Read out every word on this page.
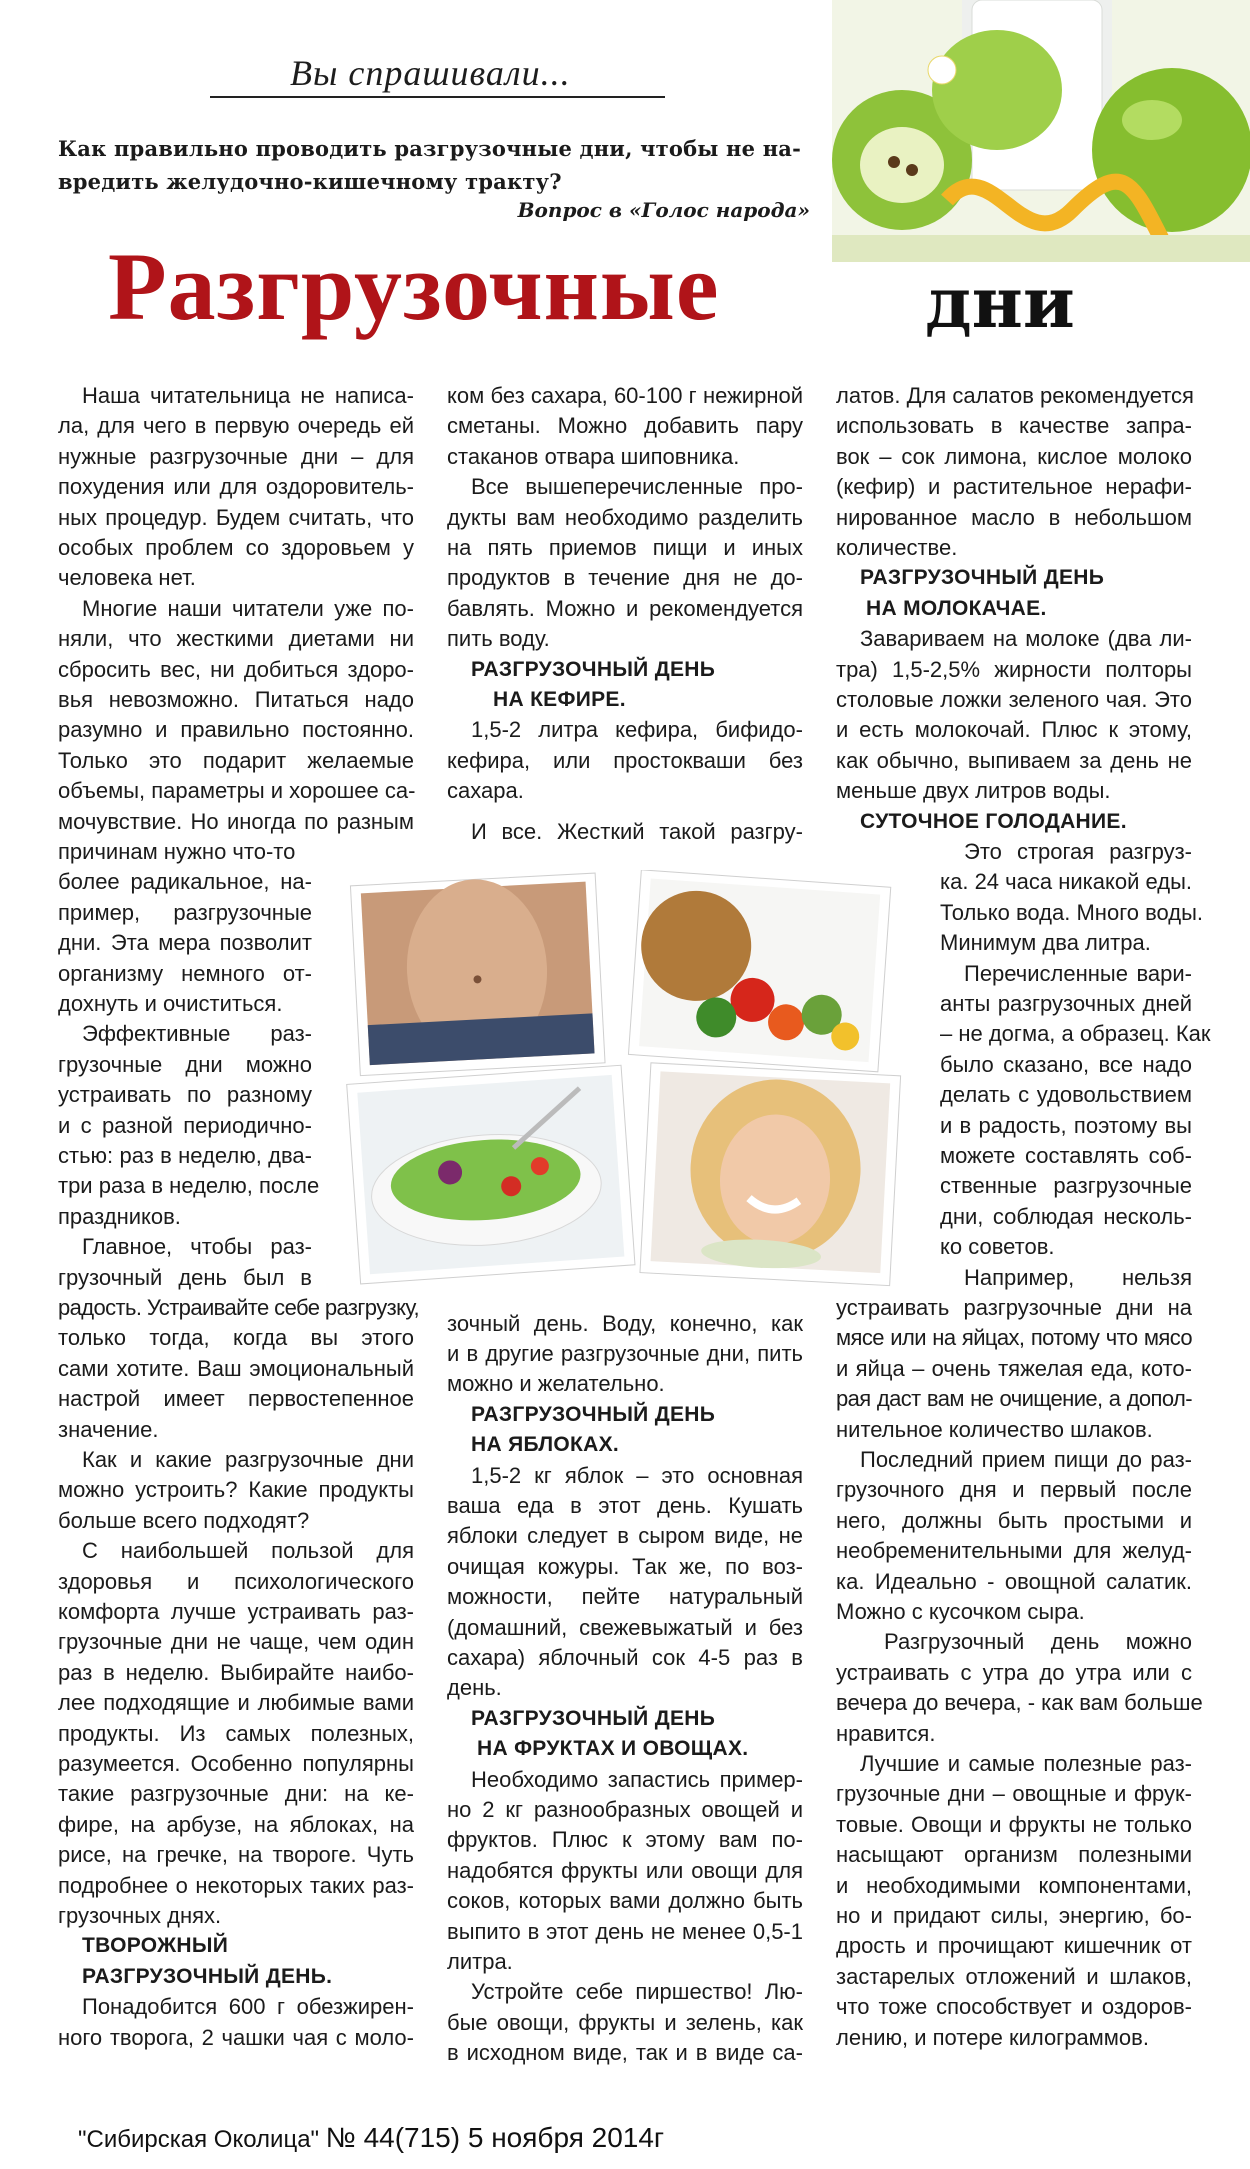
Вы спрашивали...
Как правильно проводить разгрузочные дни, чтобы не на-
вредить желудочно-кишечному тракту?
Вопрос в «Голос народа»
Разгрузочные	дни
Наша читательница не написа-
ла, для чего в первую очередь ей
нужные разгрузочные дни – для
похудения или для оздоровитель-
ных процедур. Будем считать, что
особых проблем со здоровьем у
человека нет.
Многие наши читатели уже по-
няли, что жесткими диетами ни
сбросить вес, ни добиться здоро-
вья невозможно. Питаться надо
разумно и правильно постоянно.
Только это подарит желаемые
объемы, параметры и хорошее са-
мочувствие. Но иногда по разным
причинам нужно что-то
более радикальное, на-
пример, разгрузочные
дни. Эта мера позволит
организму немного от-
дохнуть и очиститься.
Эффективные раз-
грузочные дни можно
устраивать по разному
и с разной периодично-
стью: раз в неделю, два-
три раза в неделю, после
праздников.
Главное, чтобы раз-
грузочный день был в
радость. Устраивайте себе разгрузку,
только тогда, когда вы этого
сами хотите. Ваш эмоциональный
настрой имеет первостепенное
значение.
Как и какие разгрузочные дни
можно устроить? Какие продукты
больше всего подходят?
С наибольшей пользой для
здоровья и психологического
комфорта лучше устраивать раз-
грузочные дни не чаще, чем один
раз в неделю. Выбирайте наибо-
лее подходящие и любимые вами
продукты. Из самых полезных,
разумеется. Особенно популярны
такие разгрузочные дни: на ке-
фире, на арбузе, на яблоках, на
рисе, на гречке, на твороге. Чуть
подробнее о некоторых таких раз-
грузочных днях.
ТВОРОЖНЫЙ
РАЗГРУЗОЧНЫЙ ДЕНЬ.
Понадобится 600 г обезжирен-
ного творога, 2 чашки чая с моло-
ком без сахара, 60-100 г нежирной
сметаны. Можно добавить пару
стаканов отвара шиповника.
Все вышеперечисленные про-
дукты вам необходимо разделить
на пять приемов пищи и иных
продуктов в течение дня не до-
бавлять. Можно и рекомендуется
пить воду.
РАЗГРУЗОЧНЫЙ ДЕНЬ
НА КЕФИРЕ.
1,5-2 литра кефира, бифидо-
кефира, или простокваши без
сахара.
И все. Жесткий такой разгру-
зочный день. Воду, конечно, как
и в другие разгрузочные дни, пить
можно и желательно.
РАЗГРУЗОЧНЫЙ ДЕНЬ
НА ЯБЛОКАХ.
1,5-2 кг яблок – это основная
ваша еда в этот день. Кушать
яблоки следует в сыром виде, не
очищая кожуры. Так же, по воз-
можности, пейте натуральный
(домашний, свежевыжатый и без
сахара) яблочный сок 4-5 раз в
день.
РАЗГРУЗОЧНЫЙ ДЕНЬ
НА ФРУКТАХ И ОВОЩАХ.
Необходимо запастись пример-
но 2 кг разнообразных овощей и
фруктов. Плюс к этому вам по-
надобятся фрукты или овощи для
соков, которых вами должно быть
выпито в этот день не менее 0,5-1
литра.
Устройте себе пиршество! Лю-
бые овощи, фрукты и зелень, как
в исходном виде, так и в виде са-
латов. Для салатов рекомендуется
использовать в качестве запра-
вок – сок лимона, кислое молоко
(кефир) и растительное нерафи-
нированное масло в небольшом
количестве.
РАЗГРУЗОЧНЫЙ ДЕНЬ
НА МОЛОКАЧАЕ.
Завариваем на молоке (два ли-
тра) 1,5-2,5% жирности полторы
столовые ложки зеленого чая. Это
и есть молокочай. Плюс к этому,
как обычно, выпиваем за день не
меньше двух литров воды.
СУТОЧНОЕ ГОЛОДАНИЕ.
Это строгая разгруз-
ка. 24 часа никакой еды.
Только вода. Много воды.
Минимум два литра.
Перечисленные вари-
анты разгрузочных дней
– не догма, а образец. Как
было сказано, все надо
делать с удовольствием
и в радость, поэтому вы
можете составлять соб-
ственные разгрузочные
дни, соблюдая несколь-
ко советов.
Например, нельзя
устраивать разгрузочные дни на
мясе или на яйцах, потому что мясо
и яйца – очень тяжелая еда, кото-
рая даст вам не очищение, а допол-
нительное количество шлаков.
Последний прием пищи до раз-
грузочного дня и первый после
него, должны быть простыми и
необременительными для желуд-
ка. Идеально - овощной салатик.
Можно с кусочком сыра.
Разгрузочный день можно
устраивать с утра до утра или с
вечера до вечера, - как вам больше
нравится.
Лучшие и самые полезные раз-
грузочные дни – овощные и фрук-
товые. Овощи и фрукты не только
насыщают организм полезными
и необходимыми компонентами,
но и придают силы, энергию, бо-
дрость и прочищают кишечник от
застарелых отложений и шлаков,
что тоже способствует и оздоров-
лению, и потере килограммов.
"Сибирская Околица" № 44(715) 5 ноября 2014г
